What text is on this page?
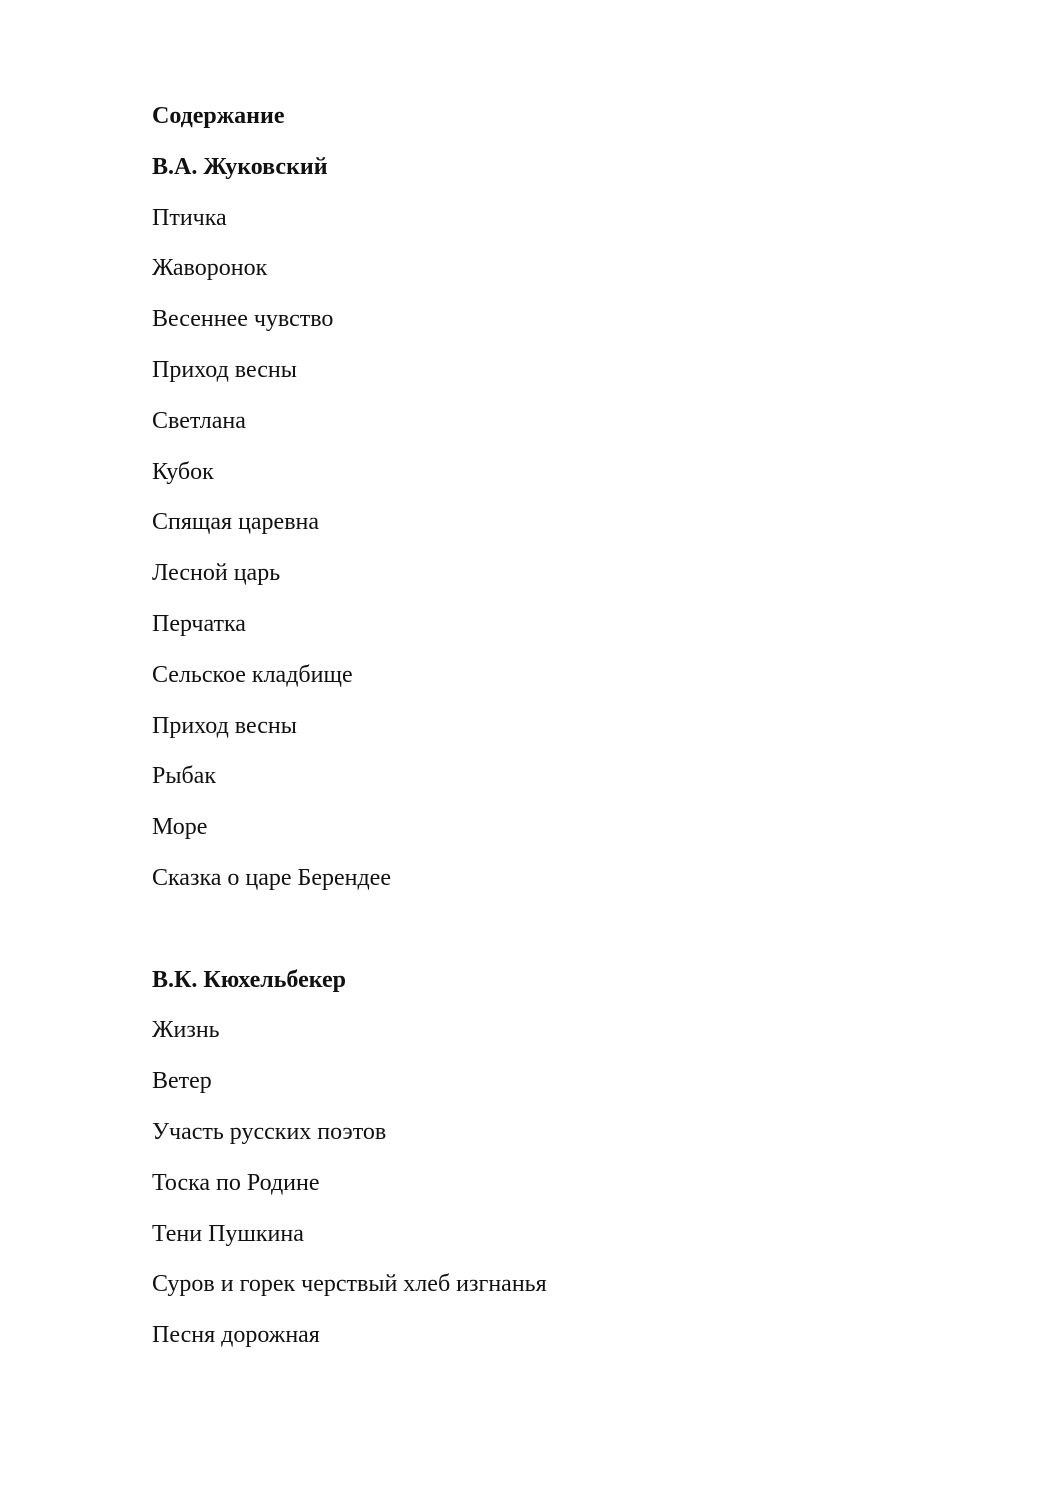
Содержание
В.А. Жуковский
Птичка
Жаворонок
Весеннее чувство
Приход весны
Светлана
Кубок
Спящая царевна
Лесной царь
Перчатка
Сельское кладбище
Приход весны
Рыбак
Море
Сказка о царе Берендее
В.К. Кюхельбекер
Жизнь
Ветер
Участь русских поэтов
Тоска по Родине
Тени Пушкина
Суров и горек черствый хлеб изгнанья
Песня дорожная
